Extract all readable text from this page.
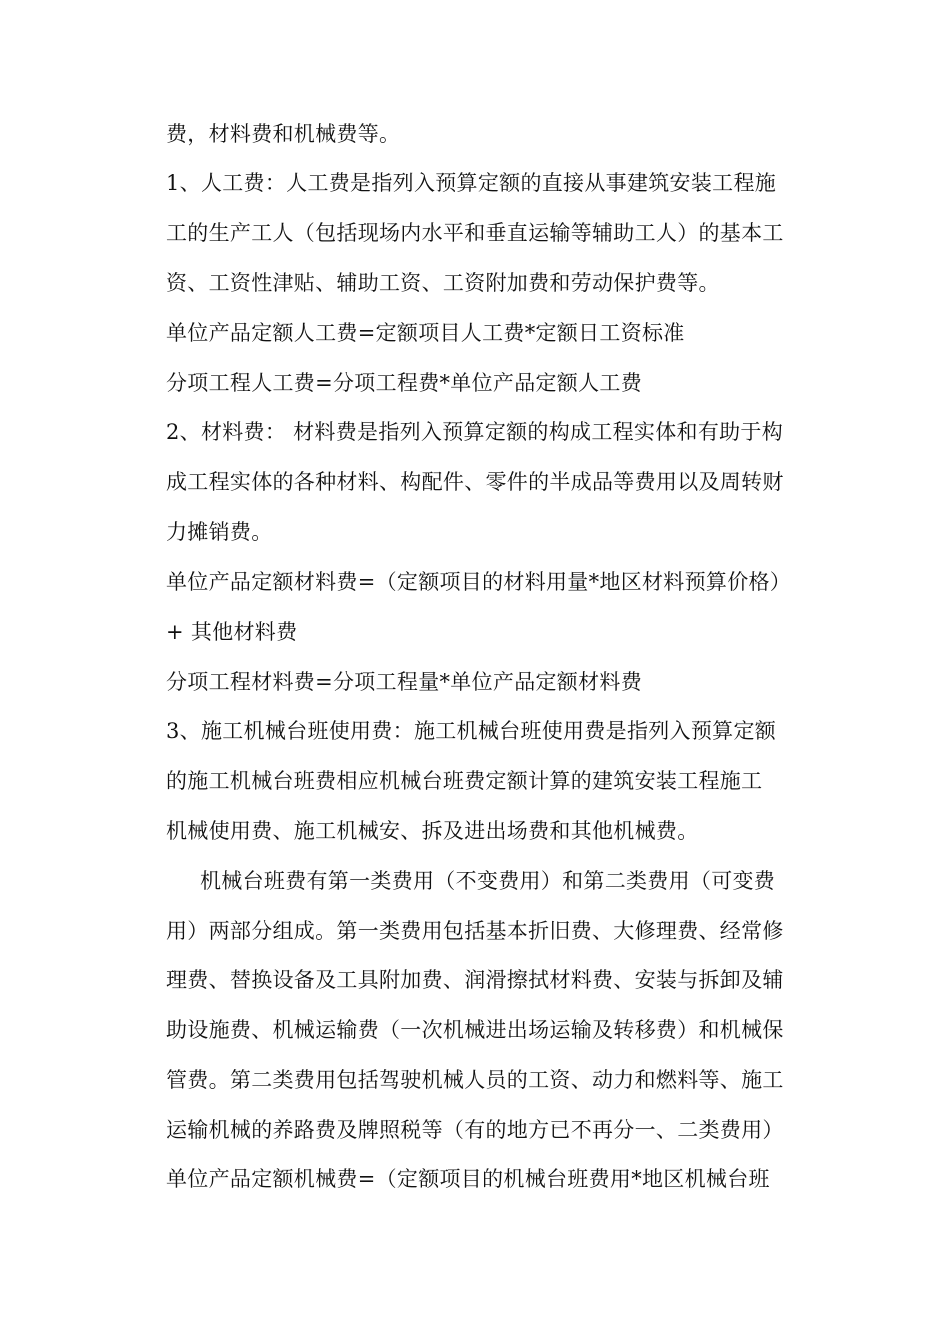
费，材料费和机械费等。
1、人工费：人工费是指列入预算定额的直接从事建筑安装工程施
工的生产工人（包括现场内水平和垂直运输等辅助工人）的基本工
资、工资性津贴、辅助工资、工资附加费和劳动保护费等。
单位产品定额人工费=定额项目人工费*定额日工资标准
分项工程人工费=分项工程费*单位产品定额人工费
2、材料费： 材料费是指列入预算定额的构成工程实体和有助于构
成工程实体的各种材料、构配件、零件的半成品等费用以及周转财
力摊销费。
单位产品定额材料费=（定额项目的材料用量*地区材料预算价格）
+ 其他材料费
分项工程材料费=分项工程量*单位产品定额材料费
3、施工机械台班使用费：施工机械台班使用费是指列入预算定额
的施工机械台班费相应机械台班费定额计算的建筑安装工程施工
机械使用费、施工机械安、拆及进出场费和其他机械费。
机械台班费有第一类费用（不变费用）和第二类费用（可变费
用）两部分组成。第一类费用包括基本折旧费、大修理费、经常修
理费、替换设备及工具附加费、润滑擦拭材料费、安装与拆卸及辅
助设施费、机械运输费（一次机械进出场运输及转移费）和机械保
管费。第二类费用包括驾驶机械人员的工资、动力和燃料等、施工
运输机械的养路费及牌照税等（有的地方已不再分一、二类费用）
单位产品定额机械费=（定额项目的机械台班费用*地区机械台班
